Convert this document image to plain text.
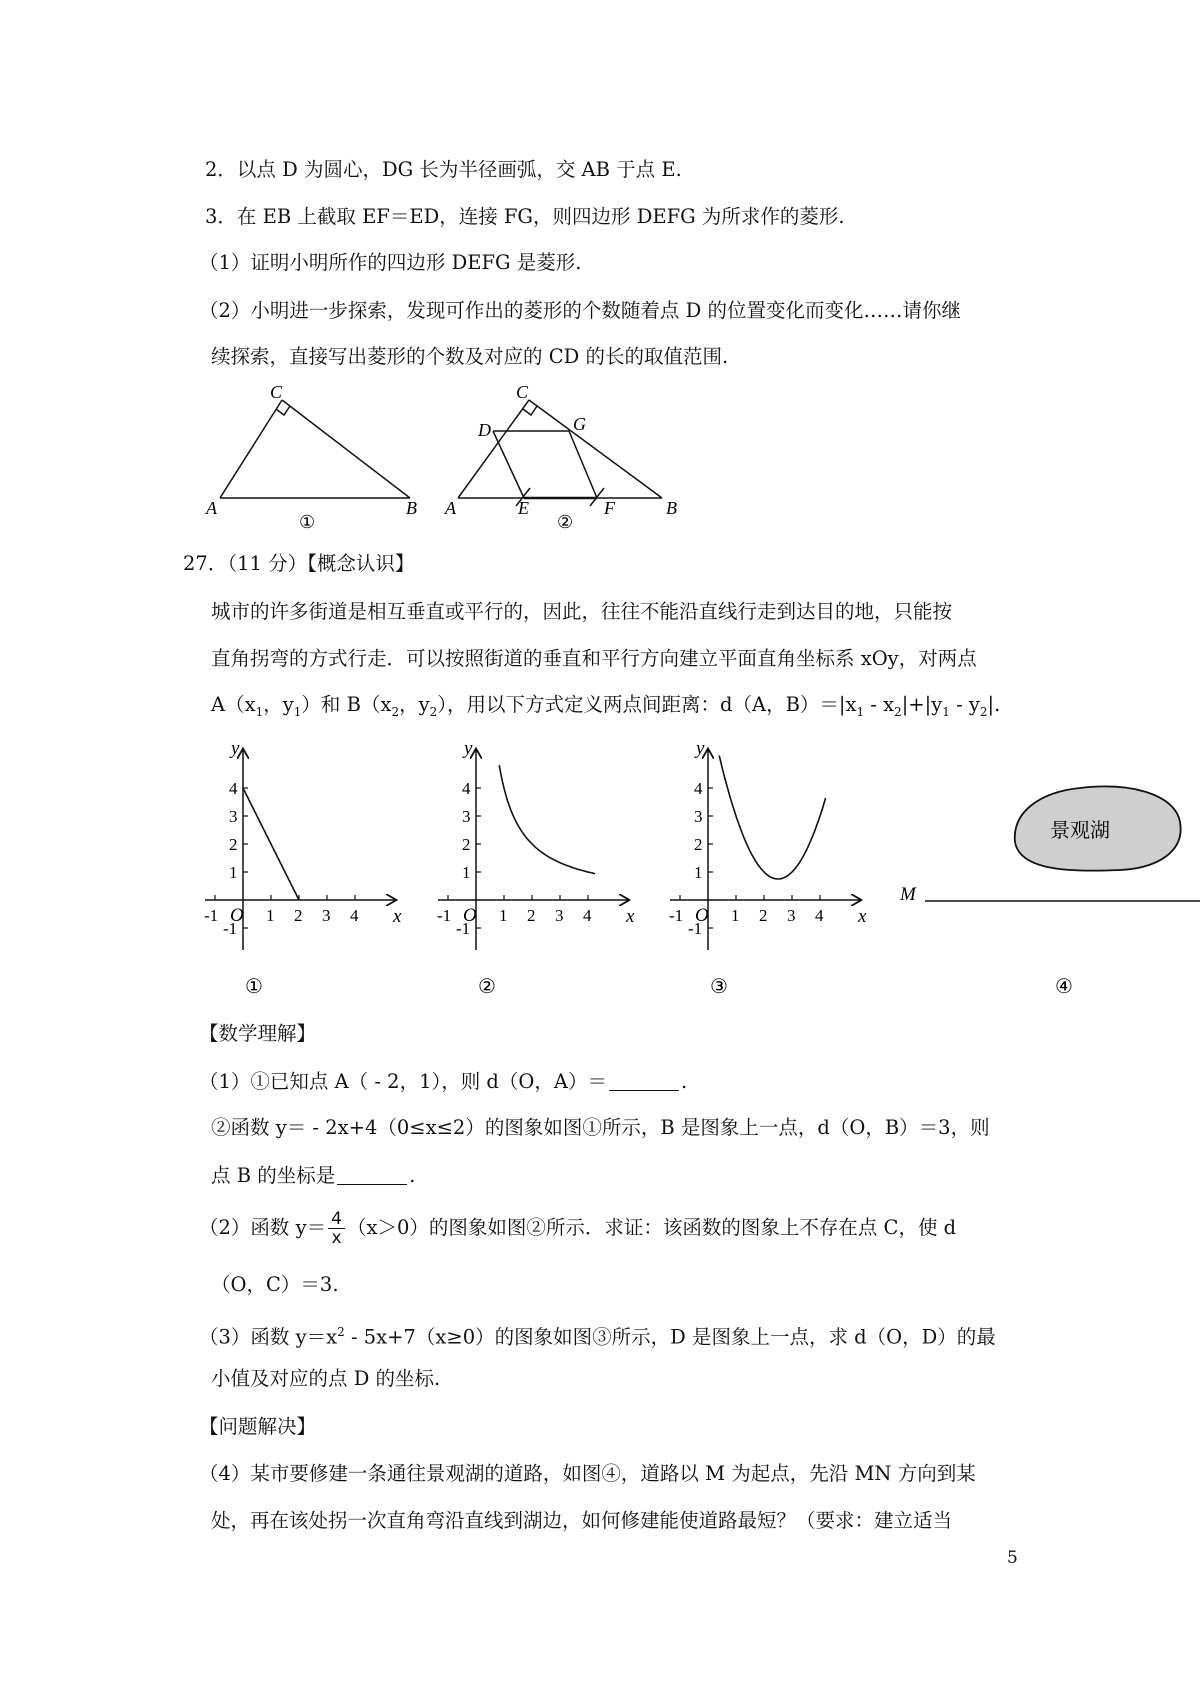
2．以点 D 为圆心，DG 长为半径画弧，交 AB 于点 E.
3．在 EB 上截取 EF＝ED，连接 FG，则四边形 DEFG 为所求作的菱形.
（1）证明小明所作的四边形 DEFG 是菱形.
（2）小明进一步探索，发现可作出的菱形的个数随着点 D 的位置变化而变化……请你继
续探索，直接写出菱形的个数及对应的 CD 的长的取值范围.
C
A	B
①
C
D	G
A	E	F	B
②
27．（11 分）【概念认识】
城市的许多街道是相互垂直或平行的，因此，往往不能沿直线行走到达目的地，只能按
直角拐弯的方式行走．可以按照街道的垂直和平行方向建立平面直角坐标系 xOy，对两点
$A(x_1$，$y_1$）和 $B(x_2$，$y_2$），用以下方式定义两点间距离：d（A，$B)=|x_1 - x_2|+|y_1 - y_2|$.
y
x
O
-1	1 2 3 4
4
3
2
1
-1
①
y
x
O
-1	1 2 3 4
4
3
2
1
-1
②
y
x
O
-1	1 2 3 4
4
3
2
1
-1
③
景观湖
M
④
【数学理解】
（1）①已知点 A（ - 2，1），则 d（O，A）＝	.
②函数 y＝ - 2x+4（0≤x≤2）的图象如图①所示，B 是图象上一点，d（O，B）＝3，则
点 B 的坐标是	.
（2）函数 $y= \frac{4}{x} (x>0)$的图象如图②所示．求证：该函数的图象上不存在点 C，使 d
（O，C）＝3.
（3）函数 $y=x^2 - 5x+7(x\ge 0)$的图象如图③所示，D 是图象上一点，求 d（O，D）的最
小值及对应的点 D 的坐标.
【问题解决】
（4）某市要修建一条通往景观湖的道路，如图④，道路以 M 为起点，先沿 MN 方向到某
处，再在该处拐一次直角弯沿直线到湖边，如何修建能使道路最短？（要求：建立适当
5
